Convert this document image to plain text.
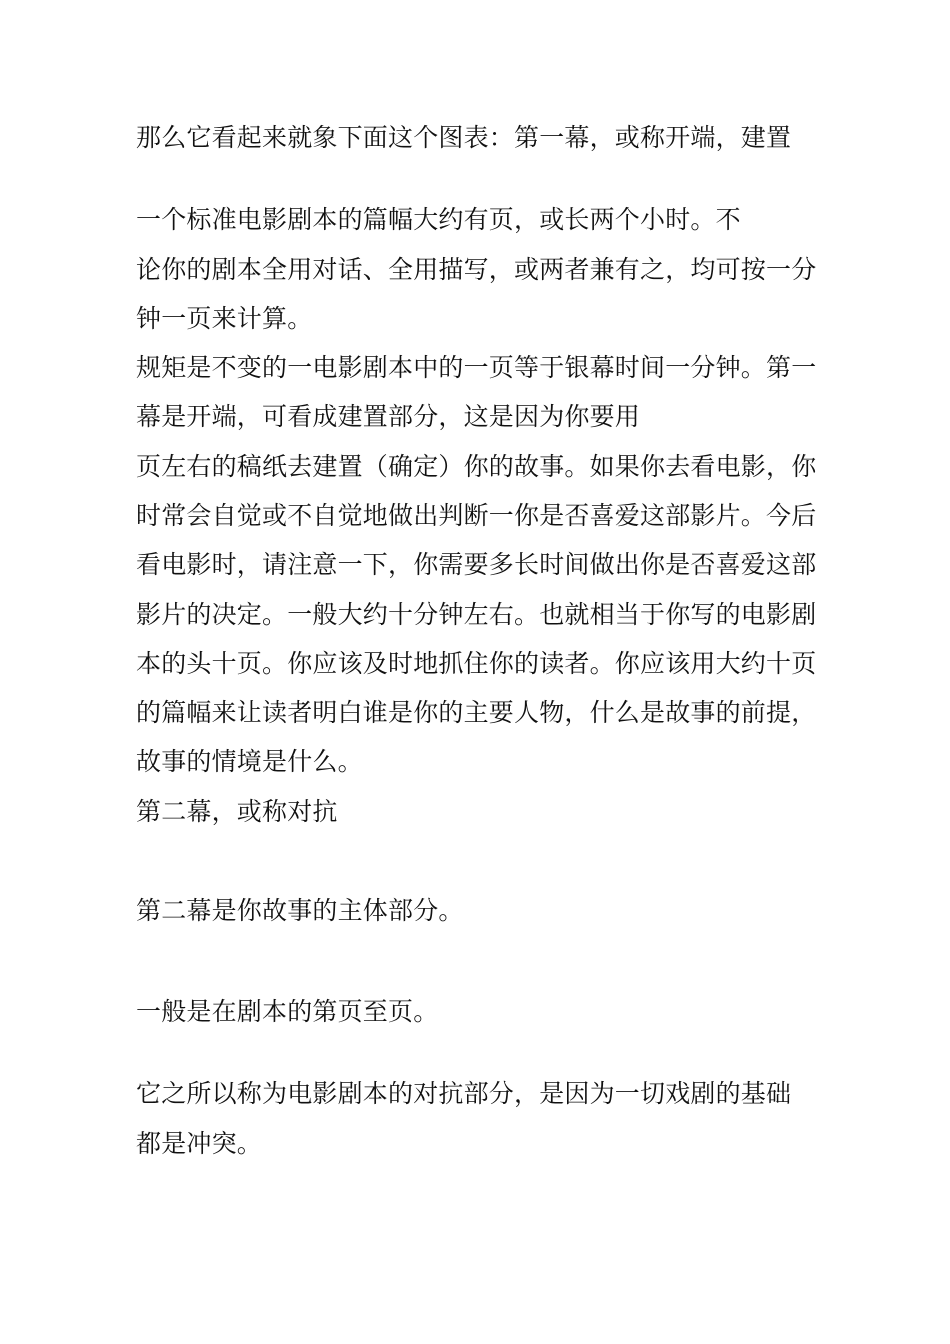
那么它看起来就象下面这个图表：第一幕，或称开端，建置
一个标准电影剧本的篇幅大约有页，或长两个小时。不
论你的剧本全用对话、全用描写，或两者兼有之，均可按一分
钟一页来计算。
规矩是不变的一电影剧本中的一页等于银幕时间一分钟。第一
幕是开端，可看成建置部分，这是因为你要用
页左右的稿纸去建置（确定）你的故事。如果你去看电影，你
时常会自觉或不自觉地做出判断一你是否喜爱这部影片。今后
看电影时，请注意一下，你需要多长时间做出你是否喜爱这部
影片的决定。一般大约十分钟左右。也就相当于你写的电影剧
本的头十页。你应该及时地抓住你的读者。你应该用大约十页
的篇幅来让读者明白谁是你的主要人物，什么是故事的前提，
故事的情境是什么。
第二幕，或称对抗
第二幕是你故事的主体部分。
一般是在剧本的第页至页。
它之所以称为电影剧本的对抗部分，是因为一切戏剧的基础
都是冲突。
